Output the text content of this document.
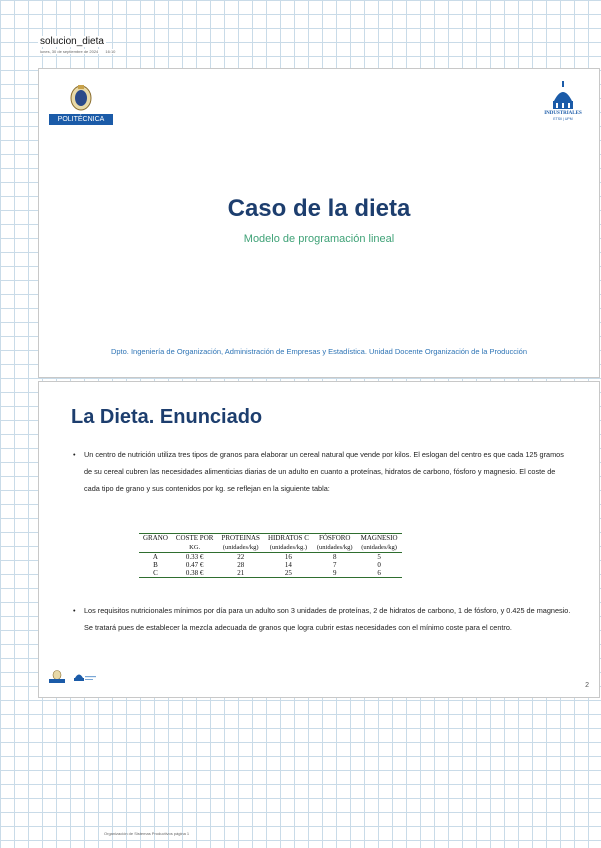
solucion_dieta
lunes, 30 de septiembre de 2024 16:10
POLITÉCNICA
INDUSTRIALES
ETSII | UPM
Caso de la dieta
Modelo de programación lineal
Dpto. Ingeniería de Organización, Administración de Empresas y Estadística. Unidad Docente Organización de la Producción
La Dieta. Enunciado
•	Un centro de nutrición utiliza tres tipos de granos para elaborar un cereal natural que vende por kilos. El eslogan del centro es que cada 125 gramos de su cereal cubren las necesidades alimenticias diarias de un adulto en cuanto a proteínas, hidratos de carbono, fósforo y magnesio. El coste de cada tipo de grano y sus contenidos por kg. se reflejan en la siguiente tabla:
GRANO	COSTE POR	PROTEINAS	HIDRATOS C	FÓSFORO	MAGNESIO
	KG.	(unidades/kg)	(unidades/kg.)	(unidades/kg)	(unidades/kg)
A	0.33 €	22	16	8	5
B	0.47 €	28	14	7	0
C	0.38 €	21	25	9	6
•	Los requisitos nutricionales mínimos por día para un adulto son 3 unidades de proteínas, 2 de hidratos de carbono, 1 de fósforo, y 0.425 de magnesio. Se tratará pues de establecer la mezcla adecuada de granos que logra cubrir estas necesidades con el mínimo coste para el centro.
2
Organización de Sistemas Productivos página 1
